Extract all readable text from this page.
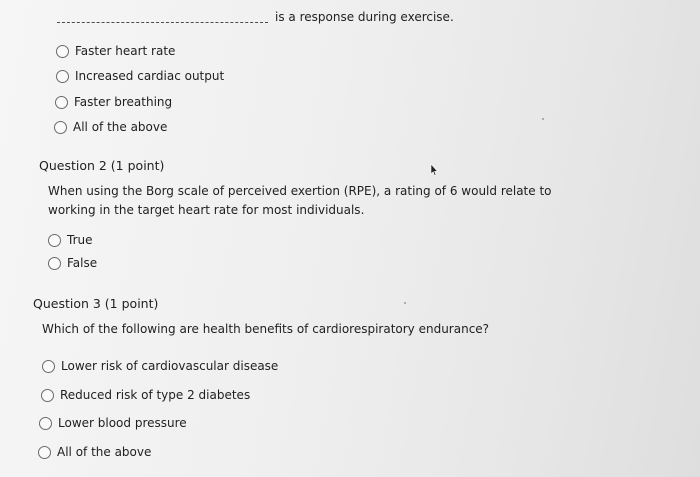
is a response during exercise.
Faster heart rate
Increased cardiac output
Faster breathing
All of the above
Question 2 (1 point)
When using the Borg scale of perceived exertion (RPE), a rating of 6 would relate to
working in the target heart rate for most individuals.
True
False
Question 3 (1 point)
Which of the following are health benefits of cardiorespiratory endurance?
Lower risk of cardiovascular disease
Reduced risk of type 2 diabetes
Lower blood pressure
All of the above
